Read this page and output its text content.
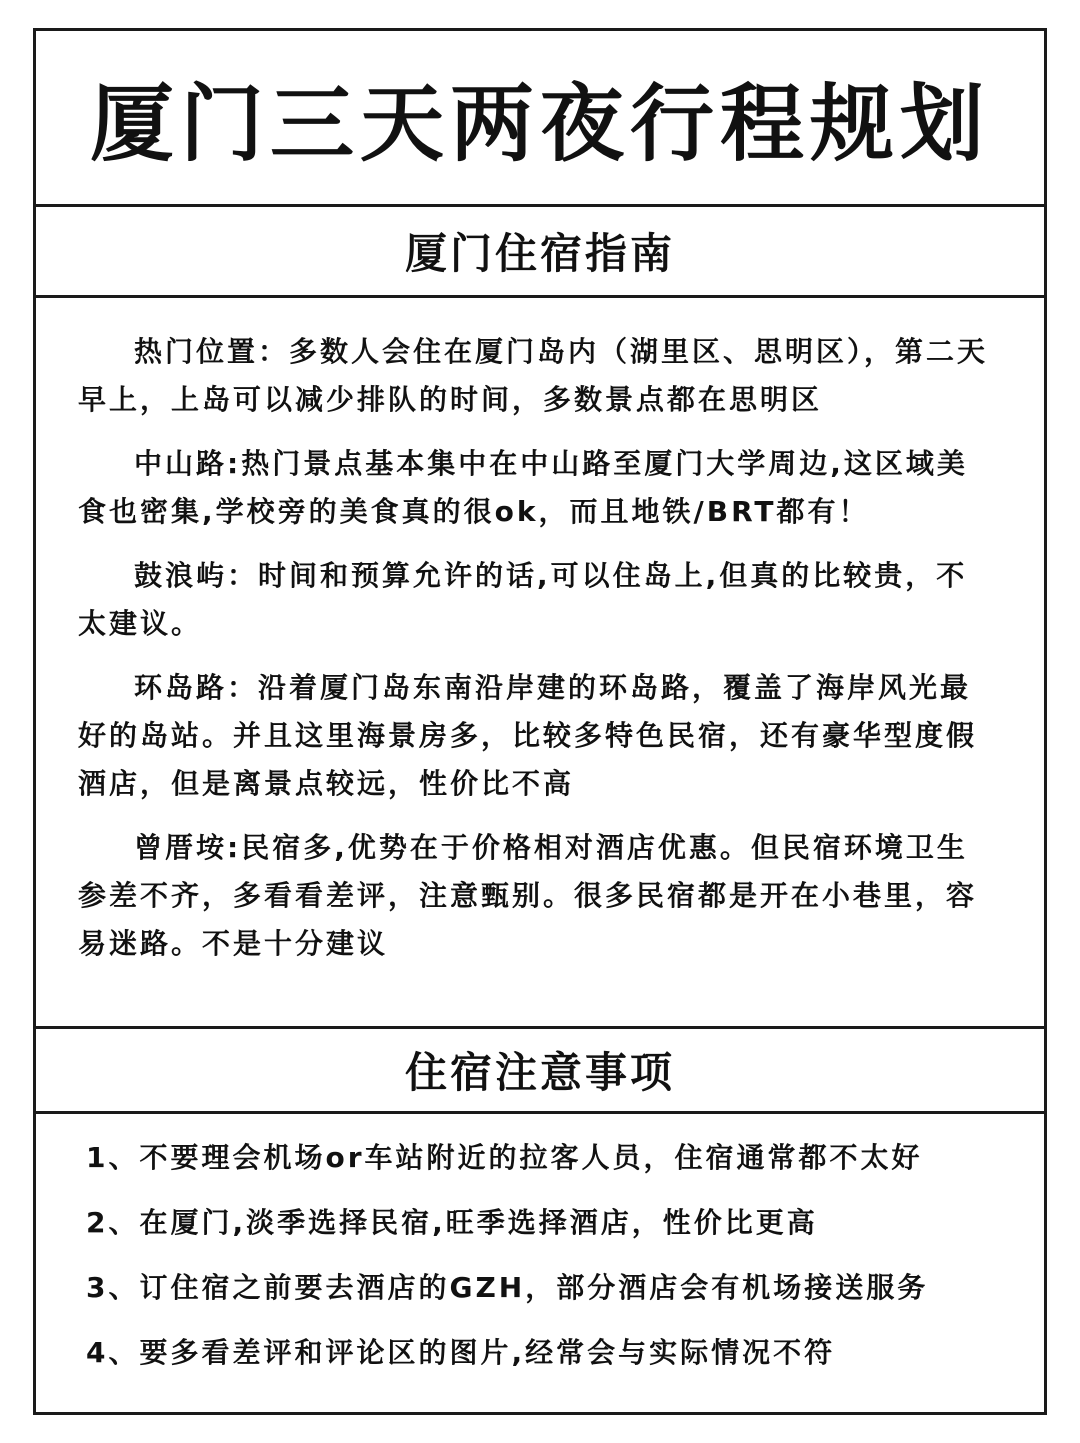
厦门三天两夜行程规划
厦门住宿指南

热门位置：多数人会住在厦门岛内（湖里区、思明区），第二天早上，上岛可以减少排队的时间，多数景点都在思明区

中山路:热门景点基本集中在中山路至厦门大学周边,这区域美食也密集,学校旁的美食真的很ok，而且地铁/BRT都有！

鼓浪屿：时间和预算允许的话,可以住岛上,但真的比较贵，不太建议。

环岛路：沿着厦门岛东南沿岸建的环岛路，覆盖了海岸风光最好的岛站。并且这里海景房多，比较多特色民宿，还有豪华型度假酒店，但是离景点较远，性价比不高

曾厝垵:民宿多,优势在于价格相对酒店优惠。但民宿环境卫生参差不齐，多看看差评，注意甄别。很多民宿都是开在小巷里，容易迷路。不是十分建议

住宿注意事项
1、不要理会机场or车站附近的拉客人员，住宿通常都不太好
2、在厦门,淡季选择民宿,旺季选择酒店，性价比更高
3、订住宿之前要去酒店的GZH，部分酒店会有机场接送服务
4、要多看差评和评论区的图片,经常会与实际情况不符
